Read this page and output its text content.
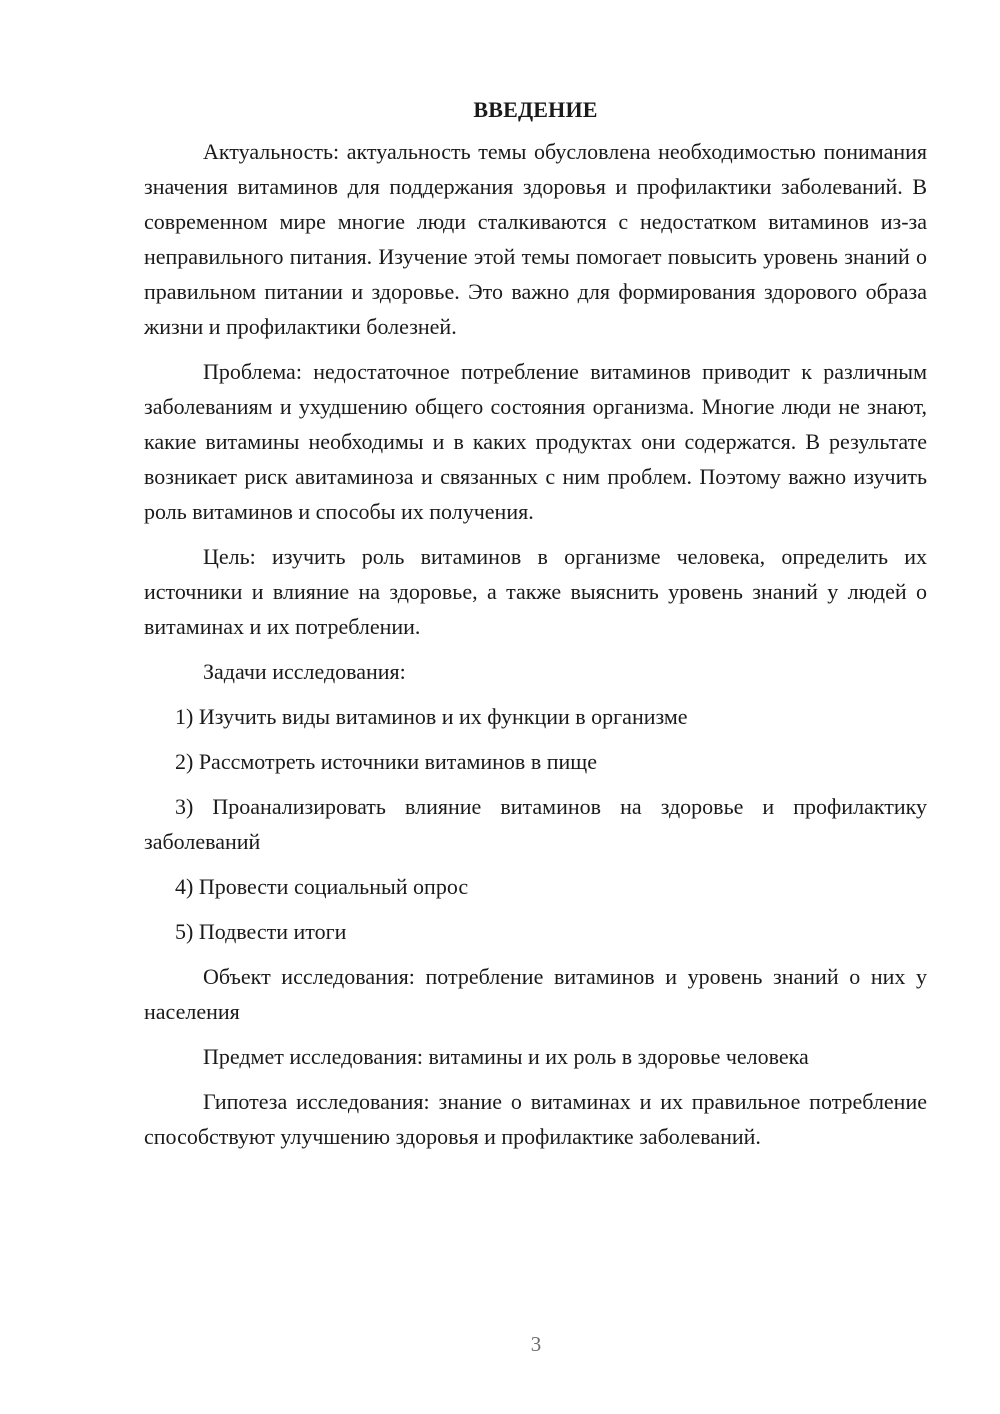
ВВЕДЕНИЕ

Актуальность: актуальность темы обусловлена необходимостью понимания значения витаминов для поддержания здоровья и профилактики заболеваний. В современном мире многие люди сталкиваются с недостатком витаминов из-за неправильного питания. Изучение этой темы помогает повысить уровень знаний о правильном питании и здоровье. Это важно для формирования здорового образа жизни и профилактики болезней.

Проблема: недостаточное потребление витаминов приводит к различным заболеваниям и ухудшению общего состояния организма. Многие люди не знают, какие витамины необходимы и в каких продуктах они содержатся. В результате возникает риск авитаминоза и связанных с ним проблем. Поэтому важно изучить роль витаминов и способы их получения.

Цель: изучить роль витаминов в организме человека, определить их источники и влияние на здоровье, а также выяснить уровень знаний у людей о витаминах и их потреблении.

Задачи исследования:

1) Изучить виды витаминов и их функции в организме

2) Рассмотреть источники витаминов в пище

3) Проанализировать влияние витаминов на здоровье и профилактику заболеваний

4) Провести социальный опрос

5) Подвести итоги

Объект исследования: потребление витаминов и уровень знаний о них у населения

Предмет исследования: витамины и их роль в здоровье человека

Гипотеза исследования: знание о витаминах и их правильное потребление способствуют улучшению здоровья и профилактике заболеваний.

3
